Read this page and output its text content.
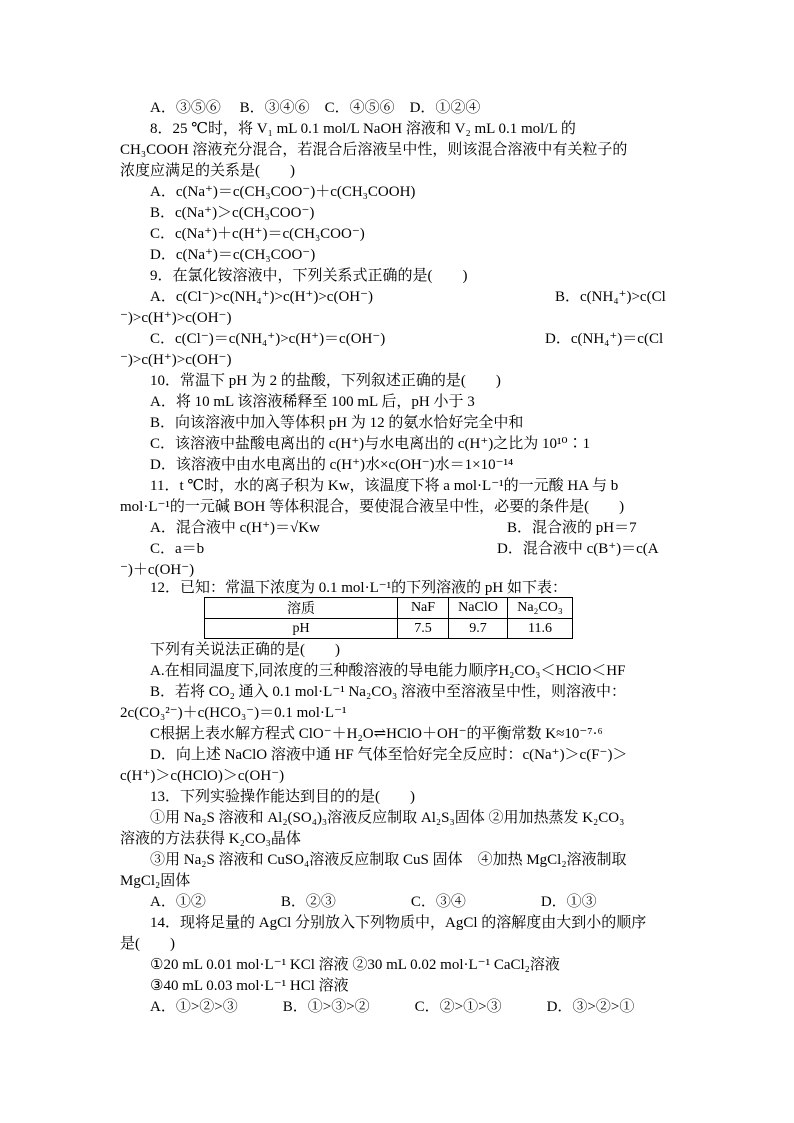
A．③⑤⑥　 B．③④⑥　C．④⑤⑥　D．①②④
8．25 ℃时，将 V₁ mL 0.1 mol/L NaOH 溶液和 V₂ mL 0.1 mol/L 的
CH₃COOH 溶液充分混合，若混合后溶液呈中性，则该混合溶液中有关粒子的
浓度应满足的关系是(　　)
A．c(Na⁺)＝c(CH₃COO⁻)＋c(CH₃COOH)
B．c(Na⁺)＞c(CH₃COO⁻)
C．c(Na⁺)＋c(H⁺)＝c(CH₃COO⁻)
D．c(Na⁺)＝c(CH₃COO⁻)
9．在氯化铵溶液中，下列关系式正确的是(　　)
A．c(Cl⁻)>c(NH₄⁺)>c(H⁺)>c(OH⁻)	B．c(NH₄⁺)>c(Cl
⁻)>c(H⁺)>c(OH⁻)
C．c(Cl⁻)＝c(NH₄⁺)>c(H⁺)＝c(OH⁻)	D．c(NH₄⁺)＝c(Cl
⁻)>c(H⁺)>c(OH⁻)
10．常温下 pH 为 2 的盐酸，下列叙述正确的是(　　)
A．将 10 mL 该溶液稀释至 100 mL 后，pH 小于 3
B．向该溶液中加入等体积 pH 为 12 的氨水恰好完全中和
C．该溶液中盐酸电离出的 c(H⁺)与水电离出的 c(H⁺)之比为 10¹⁰∶1
D．该溶液中由水电离出的 c(H⁺)水×c(OH⁻)水＝1×10⁻¹⁴
11．t ℃时，水的离子积为 Kw，该温度下将 a mol·L⁻¹的一元酸 HA 与 b
mol·L⁻¹的一元碱 BOH 等体积混合，要使混合液呈中性，必要的条件是(　　)
A．混合液中 c(H⁺)＝√Kw	B．混合液的 pH＝7
C．a＝b	D．混合液中 c(B⁺)＝c(A
⁻)＋c(OH⁻)
12．已知：常温下浓度为 0.1 mol·L⁻¹的下列溶液的 pH 如下表：
溶质	NaF	NaClO	Na₂CO₃
pH	7.5	9.7	11.6
下列有关说法正确的是(　　)
A.在相同温度下,同浓度的三种酸溶液的导电能力顺序H₂CO₃＜HClO＜HF
B．若将 CO₂ 通入 0.1 mol·L⁻¹ Na₂CO₃ 溶液中至溶液呈中性，则溶液中：
2c(CO₃²⁻)＋c(HCO₃⁻)＝0.1 mol·L⁻¹
C根据上表水解方程式 ClO⁻＋H₂O⇌HClO＋OH⁻的平衡常数 K≈10⁻⁷·⁶
D．向上述 NaClO 溶液中通 HF 气体至恰好完全反应时：c(Na⁺)＞c(F⁻)＞
c(H⁺)＞c(HClO)＞c(OH⁻)
13．下列实验操作能达到目的的是(　　)
①用 Na₂S 溶液和 Al₂(SO₄)₃溶液反应制取 Al₂S₃固体 ②用加热蒸发 K₂CO₃
溶液的方法获得 K₂CO₃晶体
③用 Na₂S 溶液和 CuSO₄溶液反应制取 CuS 固体　④加热 MgCl₂溶液制取
MgCl₂固体
A．①②　　　　　B．②③　　　　　C．③④　　　　　D．①③
14．现将足量的 AgCl 分别放入下列物质中，AgCl 的溶解度由大到小的顺序
是(　　)
①20 mL 0.01 mol·L⁻¹ KCl 溶液 ②30 mL 0.02 mol·L⁻¹ CaCl₂溶液
③40 mL 0.03 mol·L⁻¹ HCl 溶液
A．①>②>③　　　B．①>③>②　　　C．②>①>③　　　D．③>②>①
